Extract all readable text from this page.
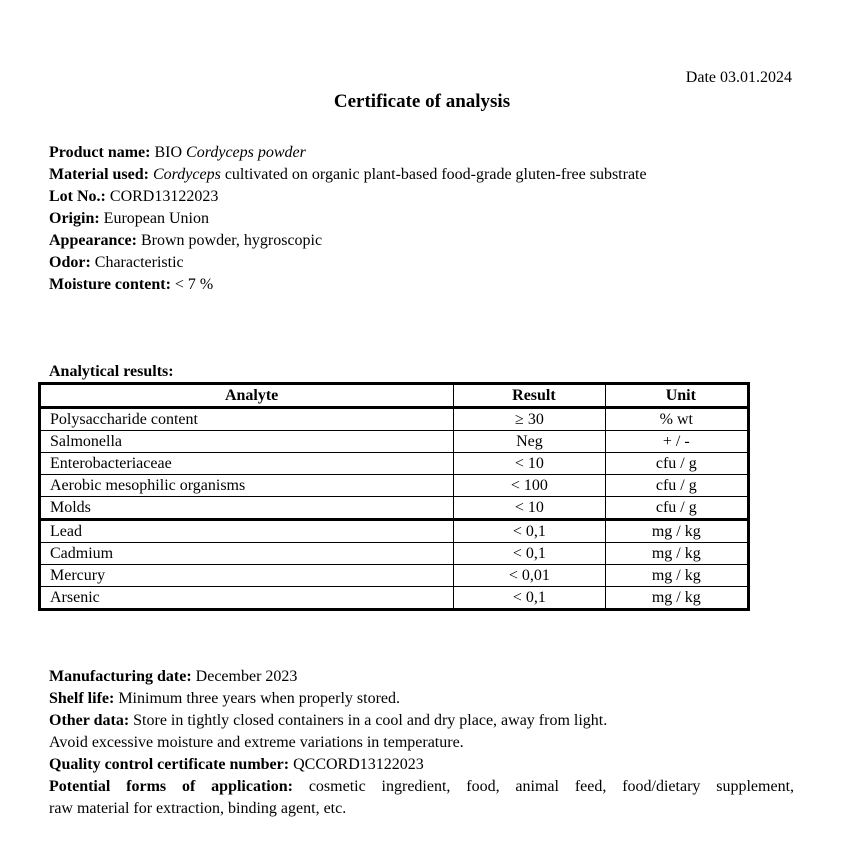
Date 03.01.2024
Certificate of analysis
Product name: BIO Cordyceps powder
Material used: Cordyceps cultivated on organic plant-based food-grade gluten-free substrate
Lot No.: CORD13122023
Origin: European Union
Appearance: Brown powder, hygroscopic
Odor: Characteristic
Moisture content: < 7 %
Analytical results:
Analyte	Result	Unit
Polysaccharide content	≥ 30	% wt
Salmonella	Neg	+ / -
Enterobacteriaceae	< 10	cfu / g
Aerobic mesophilic organisms	< 100	cfu / g
Molds	< 10	cfu / g
Lead	< 0,1	mg / kg
Cadmium	< 0,1	mg / kg
Mercury	< 0,01	mg / kg
Arsenic	< 0,1	mg / kg
Manufacturing date: December 2023
Shelf life: Minimum three years when properly stored.
Other data: Store in tightly closed containers in a cool and dry place, away from light.
Avoid excessive moisture and extreme variations in temperature.
Quality control certificate number: QCCORD13122023
Potential forms of application: cosmetic ingredient, food, animal feed, food/dietary supplement,
raw material for extraction, binding agent, etc.
